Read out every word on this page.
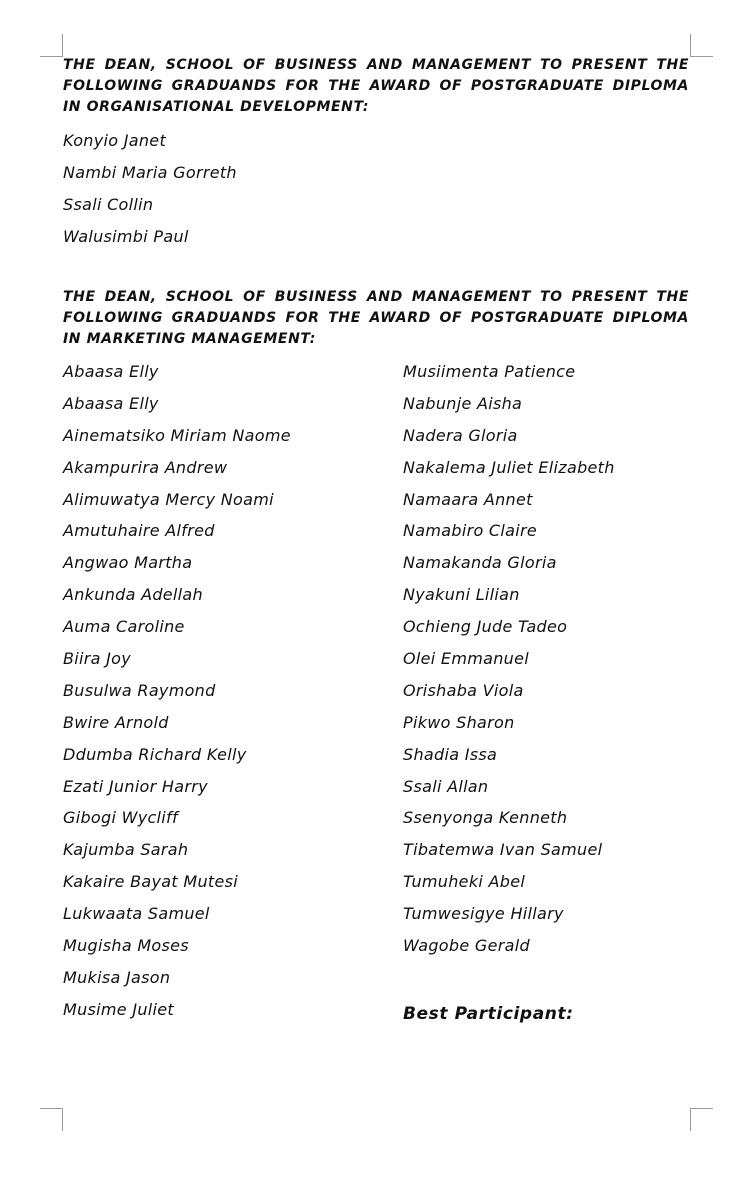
THE DEAN, SCHOOL OF BUSINESS AND MANAGEMENT TO PRESENT THE FOLLOWING GRADUANDS FOR THE AWARD OF POSTGRADUATE DIPLOMA IN ORGANISATIONAL DEVELOPMENT:
Konyio Janet
Nambi Maria Gorreth
Ssali Collin
Walusimbi Paul
THE DEAN, SCHOOL OF BUSINESS AND MANAGEMENT TO PRESENT THE FOLLOWING GRADUANDS FOR THE AWARD OF POSTGRADUATE DIPLOMA IN MARKETING MANAGEMENT:
Abaasa Elly
Abaasa Elly
Ainematsiko Miriam Naome
Akampurira Andrew
Alimuwatya Mercy Noami
Amutuhaire Alfred
Angwao Martha
Ankunda Adellah
Auma Caroline
Biira Joy
Busulwa Raymond
Bwire Arnold
Ddumba Richard Kelly
Ezati Junior Harry
Gibogi Wycliff
Kajumba Sarah
Kakaire Bayat Mutesi
Lukwaata Samuel
Mugisha Moses
Mukisa Jason
Musime Juliet
Musiimenta Patience
Nabunje Aisha
Nadera Gloria
Nakalema Juliet Elizabeth
Namaara Annet
Namabiro Claire
Namakanda Gloria
Nyakuni Lilian
Ochieng Jude Tadeo
Olei Emmanuel
Orishaba Viola
Pikwo Sharon
Shadia Issa
Ssali Allan
Ssenyonga Kenneth
Tibatemwa Ivan Samuel
Tumuheki Abel
Tumwesigye Hillary
Wagobe Gerald
Best Participant:
